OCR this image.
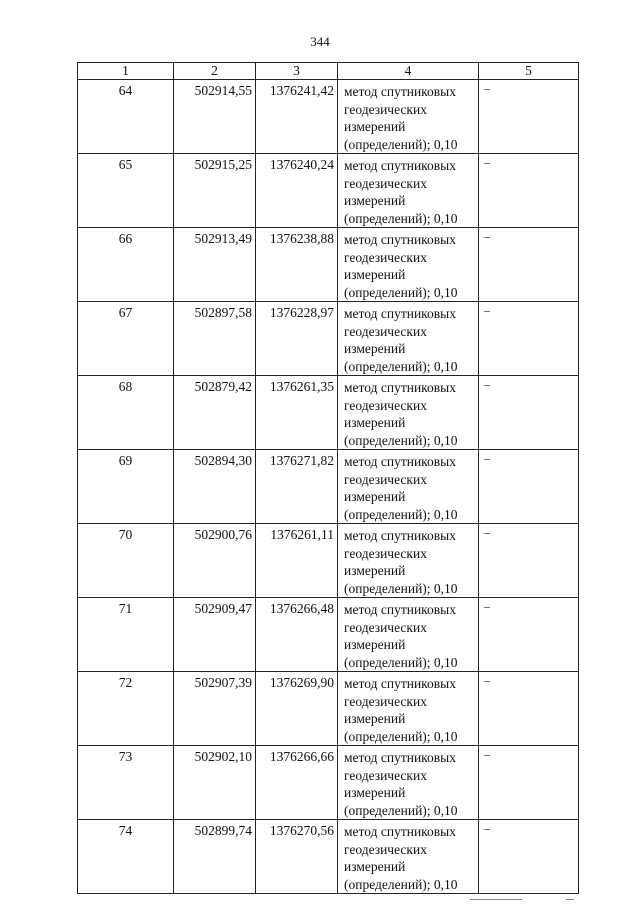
344
1	2	3	4	5
64	502914,55	1376241,42	метод спутниковых геодезических измерений (определений); 0,10	–
65	502915,25	1376240,24	метод спутниковых геодезических измерений (определений); 0,10	–
66	502913,49	1376238,88	метод спутниковых геодезических измерений (определений); 0,10	–
67	502897,58	1376228,97	метод спутниковых геодезических измерений (определений); 0,10	–
68	502879,42	1376261,35	метод спутниковых геодезических измерений (определений); 0,10	–
69	502894,30	1376271,82	метод спутниковых геодезических измерений (определений); 0,10	–
70	502900,76	1376261,11	метод спутниковых геодезических измерений (определений); 0,10	–
71	502909,47	1376266,48	метод спутниковых геодезических измерений (определений); 0,10	–
72	502907,39	1376269,90	метод спутниковых геодезических измерений (определений); 0,10	–
73	502902,10	1376266,66	метод спутниковых геодезических измерений (определений); 0,10	–
74	502899,74	1376270,56	метод спутниковых геодезических измерений (определений); 0,10	–
